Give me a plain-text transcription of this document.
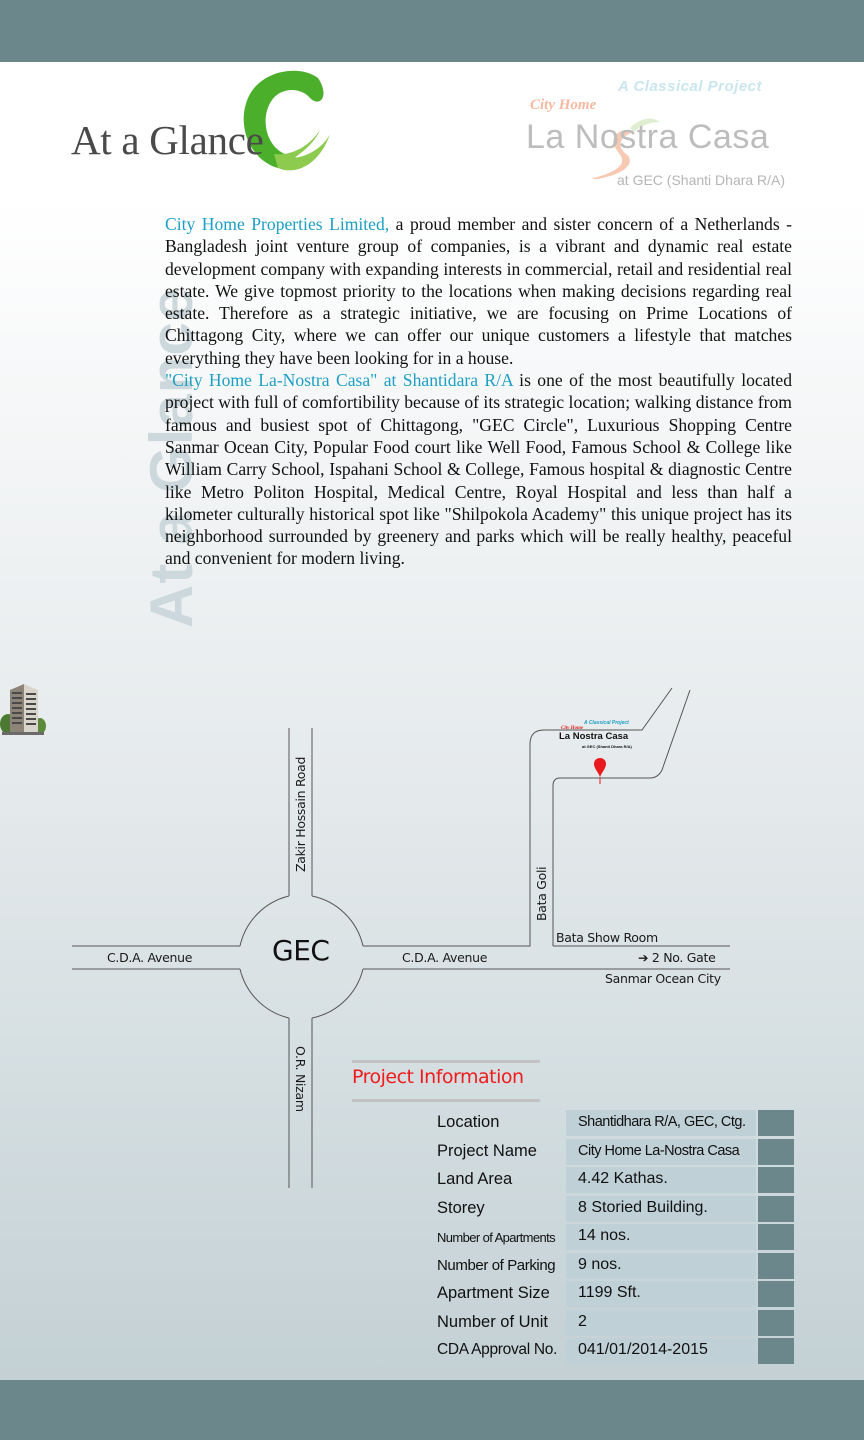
At a Glance
A Classical Project
City Home
La Nostra Casa
at GEC (Shanti Dhara R/A)
At a Glance

City Home Properties Limited, a proud member and sister concern of a Netherlands -Bangladesh joint venture group of companies, is a vibrant and dynamic real estate development company with expanding interests in commercial, retail and residential real estate. We give topmost priority to the locations when making decisions regarding real estate. Therefore as a strategic initiative, we are focusing on Prime Locations of Chittagong City, where we can offer our unique customers a lifestyle that matches everything they have been looking for in a house.

"City Home La-Nostra Casa" at Shantidara R/A is one of the most beautifully located project with full of comfortibility because of its strategic location; walking distance from famous and busiest spot of Chittagong, "GEC Circle", Luxurious Shopping Centre Sanmar Ocean City, Popular Food court like Well Food, Famous School & College like William Carry School, Ispahani School & College, Famous hospital & diagnostic Centre like Metro Politon Hospital, Medical Centre, Royal Hospital and less than half a kilometer culturally historical spot like "Shilpokola Academy" this unique project has its neighborhood surrounded by greenery and parks which will be really healthy, peaceful and convenient for modern living.

A Classical Project
City Home
La Nostra Casa
at GEC (Shanti Dhara R/A)
GEC
Zakir Hossain Road
C.D.A. Avenue	C.D.A. Avenue
O.R. Nizam
Bata Goli
Bata Show Room
➔ 2 No. Gate
Sanmar Ocean City
Project Information
Location	Shantidhara R/A, GEC, Ctg.
Project Name	City Home La-Nostra Casa
Land Area	4.42 Kathas.
Storey	8 Storied Building.
Number of Apartments	14 nos.
Number of Parking	9 nos.
Apartment Size	1199 Sft.
Number of Unit	2
CDA Approval No.	041/01/2014-2015
